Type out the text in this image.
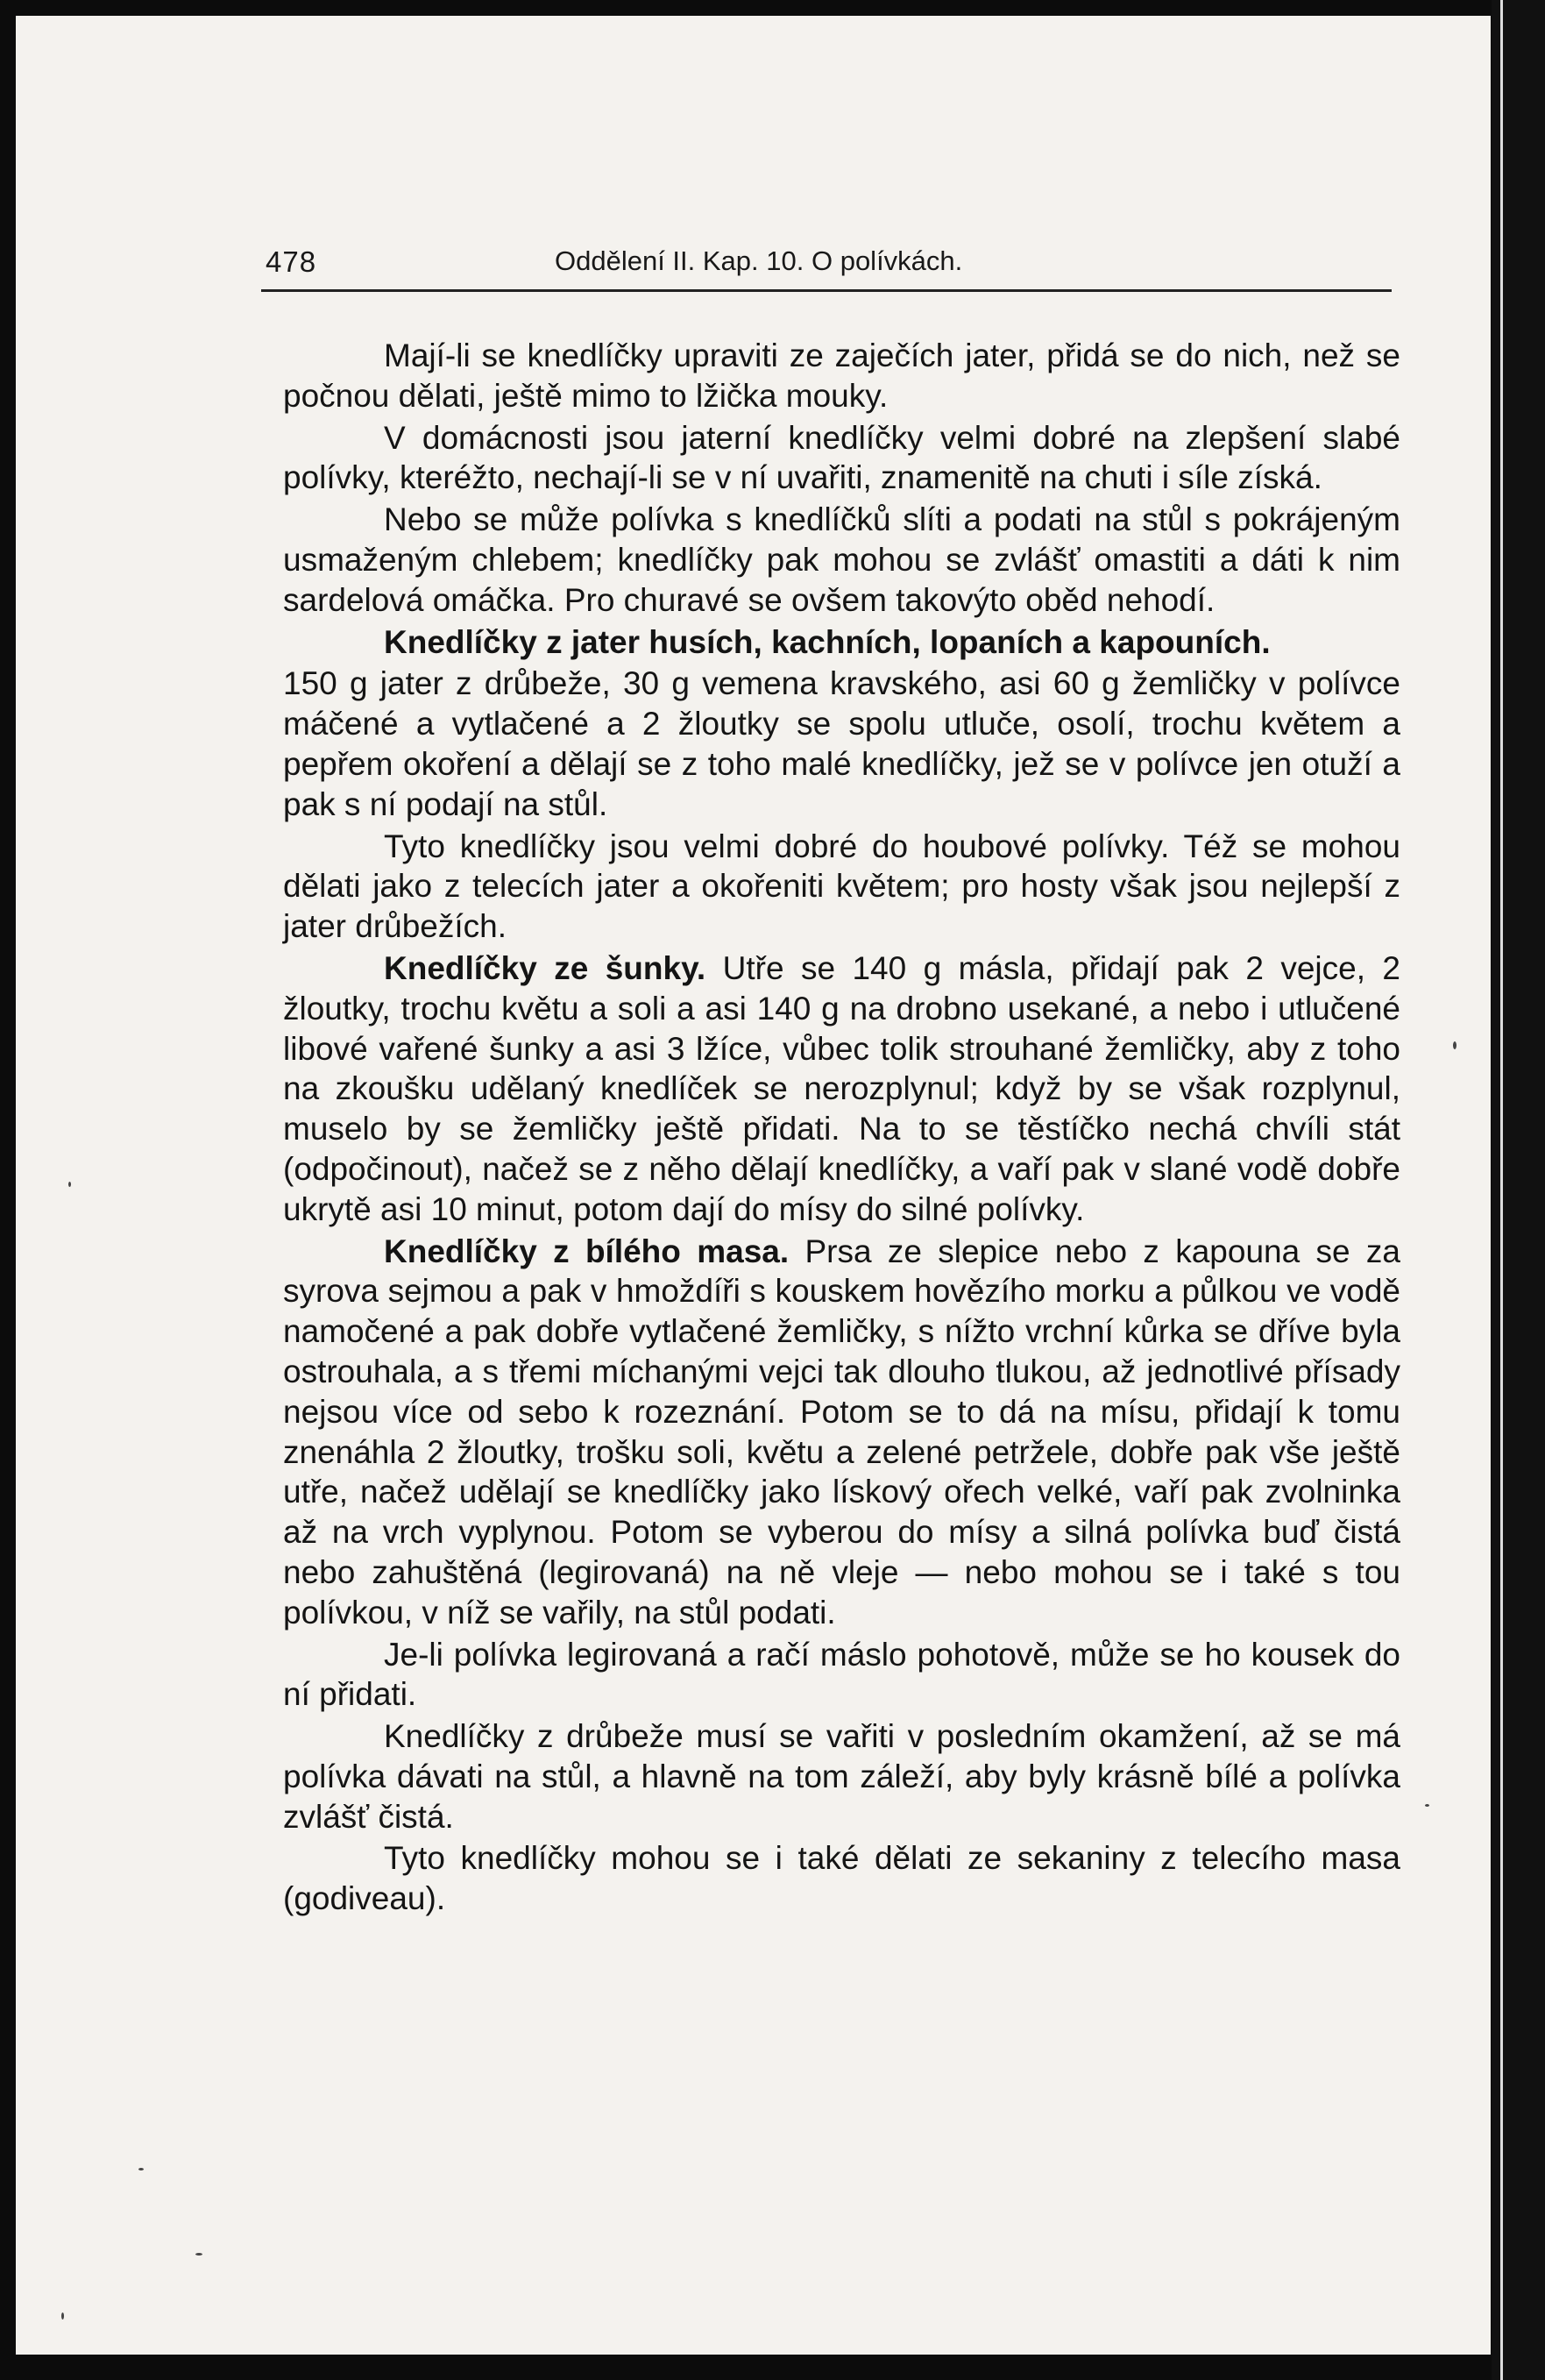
478	Oddělení II. Kap. 10. O polívkách.

Mají-li se knedlíčky upraviti ze zaječích jater, přidá se do nich, než se počnou dělati, ještě mimo to lžička mouky.

V domácnosti jsou jaterní knedlíčky velmi dobré na zlepšení slabé polívky, kteréžto, nechají-li se v ní uvařiti, znamenitě na chuti i síle získá.

Nebo se může polívka s knedlíčků slíti a podati na stůl s pokrájeným usmaženým chlebem; knedlíčky pak mohou se zvlášť omastiti a dáti k nim sardelová omáčka. Pro churavé se ovšem takovýto oběd nehodí.

Knedlíčky z jater husích, kachních, lopaních a kapouních.

150 g jater z drůbeže, 30 g vemena kravského, asi 60 g žemličky v polívce máčené a vytlačené a 2 žloutky se spolu utluče, osolí, trochu květem a pepřem okoření a dělají se z toho malé knedlíčky, jež se v polívce jen otuží a pak s ní podají na stůl.

Tyto knedlíčky jsou velmi dobré do houbové polívky. Též se mohou dělati jako z telecích jater a okořeniti květem; pro hosty však jsou nejlepší z jater drůbežích.

Knedlíčky ze šunky. Utře se 140 g másla, přidají pak 2 vejce, 2 žloutky, trochu květu a soli a asi 140 g na drobno usekané, a nebo i utlučené libové vařené šunky a asi 3 lžíce, vůbec tolik strouhané žemličky, aby z toho na zkoušku udělaný knedlíček se nerozplynul; když by se však rozplynul, muselo by se žemličky ještě přidati. Na to se těstíčko nechá chvíli stát (odpočinout), načež se z něho dělají knedlíčky, a vaří pak v slané vodě dobře ukrytě asi 10 minut, potom dají do mísy do silné polívky.

Knedlíčky z bílého masa. Prsa ze slepice nebo z kapouna se za syrova sejmou a pak v hmoždíři s kouskem hovězího morku a půlkou ve vodě namočené a pak dobře vytlačené žemličky, s nížto vrchní kůrka se dříve byla ostrouhala, a s třemi míchanými vejci tak dlouho tlukou, až jednotlivé přísady nejsou více od sebo k rozeznání. Potom se to dá na mísu, přidají k tomu znenáhla 2 žloutky, trošku soli, květu a zelené petržele, dobře pak vše ještě utře, načež udělají se knedlíčky jako lískový ořech velké, vaří pak zvolninka až na vrch vyplynou. Potom se vyberou do mísy a silná polívka buď čistá nebo zahuštěná (legirovaná) na ně vleje — nebo mohou se i také s tou polívkou, v níž se vařily, na stůl podati.

Je-li polívka legirovaná a račí máslo pohotově, může se ho kousek do ní přidati.

Knedlíčky z drůbeže musí se vařiti v posledním okamžení, až se má polívka dávati na stůl, a hlavně na tom záleží, aby byly krásně bílé a polívka zvlášť čistá.

Tyto knedlíčky mohou se i také dělati ze sekaniny z telecího masa (godiveau).
